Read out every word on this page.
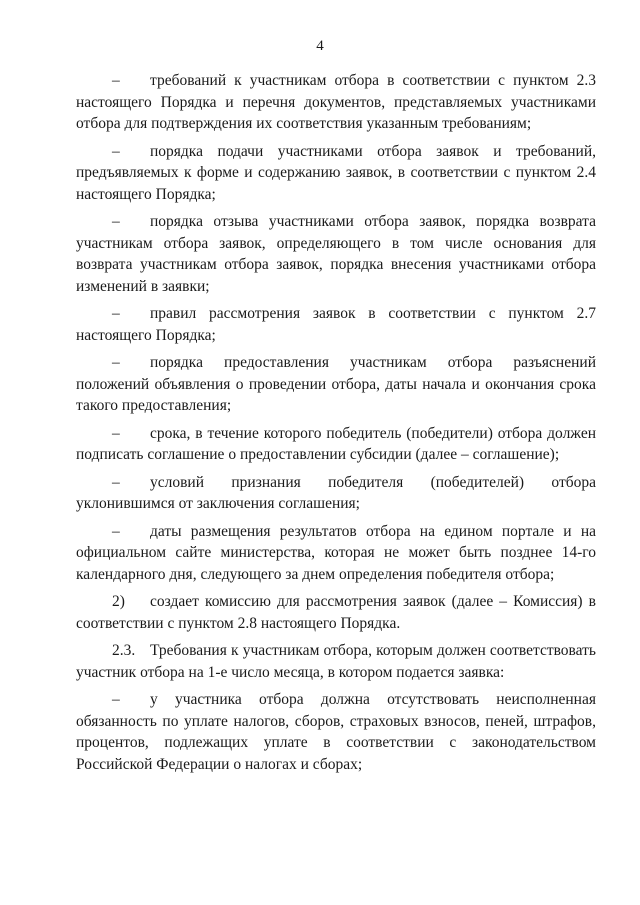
4

– требований к участникам отбора в соответствии с пунктом 2.3 настоящего Порядка и перечня документов, представляемых участниками отбора для подтверждения их соответствия указанным требованиям;

– порядка подачи участниками отбора заявок и требований, предъявляемых к форме и содержанию заявок, в соответствии с пунктом 2.4 настоящего Порядка;

– порядка отзыва участниками отбора заявок, порядка возврата участникам отбора заявок, определяющего в том числе основания для возврата участникам отбора заявок, порядка внесения участниками отбора изменений в заявки;

– правил рассмотрения заявок в соответствии с пунктом 2.7 настоящего Порядка;

– порядка предоставления участникам отбора разъяснений положений объявления о проведении отбора, даты начала и окончания срока такого предоставления;

– срока, в течение которого победитель (победители) отбора должен подписать соглашение о предоставлении субсидии (далее – соглашение);

– условий признания победителя (победителей) отбора уклонившимся от заключения соглашения;

– даты размещения результатов отбора на едином портале и на официальном сайте министерства, которая не может быть позднее 14-го календарного дня, следующего за днем определения победителя отбора;

2) создает комиссию для рассмотрения заявок (далее – Комиссия) в соответствии с пунктом 2.8 настоящего Порядка.

2.3. Требования к участникам отбора, которым должен соответствовать участник отбора на 1-е число месяца, в котором подается заявка:

– у участника отбора должна отсутствовать неисполненная обязанность по уплате налогов, сборов, страховых взносов, пеней, штрафов, процентов, подлежащих уплате в соответствии с законодательством Российской Федерации о налогах и сборах;
